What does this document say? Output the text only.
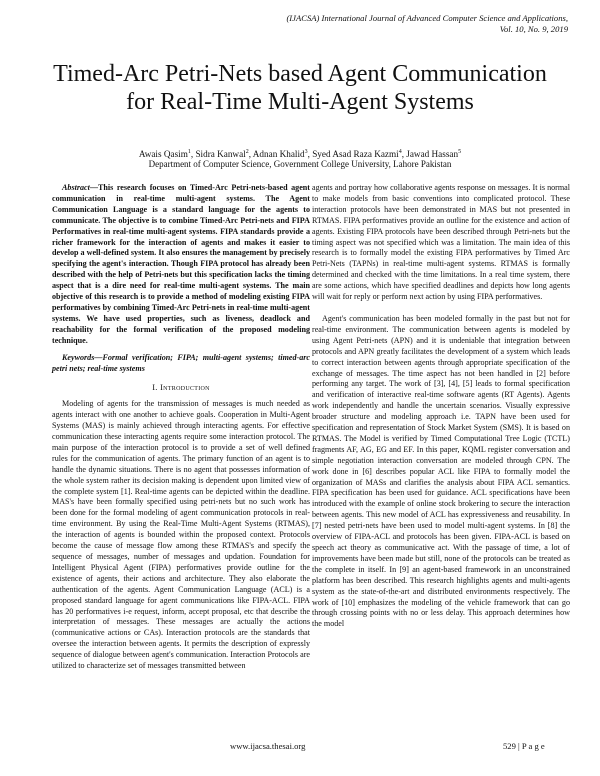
(IJACSA) International Journal of Advanced Computer Science and Applications,
Vol. 10, No. 9, 2019
Timed-Arc Petri-Nets based Agent Communication
for Real-Time Multi-Agent Systems
Awais Qasim$^1$, Sidra Kanwal$^2$, Adnan Khalid$^3$, Syed Asad Raza Kazmi$^4$, Jawad Hassan$^5$
Department of Computer Science, Government College University, Lahore Pakistan

Abstract—This research focuses on Timed-Arc Petri-nets-based agent communication in real-time multi-agent systems. The Agent Communication Language is a standard language for the agents to communicate. The objective is to combine Timed-Arc Petri-nets and FIPA Performatives in real-time multi-agent systems. FIPA standards provide a richer framework for the interaction of agents and makes it easier to develop a well-defined system. It also ensures the management by precisely specifying the agent's interaction. Though FIPA protocol has already been described with the help of Petri-nets but this specification lacks the timing aspect that is a dire need for real-time multi-agent systems. The main objective of this research is to provide a method of modeling existing FIPA performatives by combining Timed-Arc Petri-nets in real-time multi-agent systems. We have used properties, such as liveness, deadlock and reachability for the formal verification of the proposed modeling technique.

Keywords—Formal verification; FIPA; multi-agent systems; timed-arc petri nets; real-time systems

I. Introduction

Modeling of agents for the transmission of messages is much needed as agents interact with one another to achieve goals. Cooperation in Multi-Agent Systems (MAS) is mainly achieved through interacting agents. For effective communication these interacting agents require some interaction protocol. The main purpose of the interaction protocol is to provide a set of well defined rules for the communication of agents. The primary function of an agent is to handle the dynamic situations. There is no agent that possesses information of the whole system rather its decision making is dependent upon limited view of the complete system [1]. Real-time agents can be depicted within the deadline. MAS's have been formally specified using petri-nets but no such work has been done for the formal modeling of agent communication protocols in real-time environment. By using the Real-Time Multi-Agent Systems (RTMAS), the interaction of agents is bounded within the proposed context. Protocols become the cause of message flow among these RTMAS's and specify the sequence of messages, number of messages and updation. Foundation for Intelligent Physical Agent (FIPA) performatives provide outline for the existence of agents, their actions and architecture. They also elaborate the authentication of the agents. Agent Communication Language (ACL) is a proposed standard language for agent communications like FIPA-ACL. FIPA has 20 performatives i-e request, inform, accept proposal, etc that describe the interpretation of messages. These messages are actually the actions (communicative actions or CAs). Interaction protocols are the standards that oversee the interaction between agents. It permits the description of expressly sequence of dialogue between agent's communication. Interaction Protocols are utilized to characterize set of messages transmitted between

agents and portray how collaborative agents response on messages. It is normal to make models from basic conventions into complicated protocol. These interaction protocols have been demonstrated in MAS but not presented in RTMAS. FIPA performatives provide an outline for the existence and action of agents. Existing FIPA protocols have been described through Petri-nets but the timing aspect was not specified which was a limitation. The main idea of this research is to formally model the existing FIPA performatives by Timed Arc Petri-Nets (TAPNs) in real-time multi-agent systems. RTMAS is formally determined and checked with the time limitations. In a real time system, there are some actions, which have specified deadlines and depicts how long agents will wait for reply or perform next action by using FIPA performatives.

Agent's communication has been modeled formally in the past but not for real-time environment. The communication between agents is modeled by using Agent Petri-nets (APN) and it is undeniable that integration between protocols and APN greatly facilitates the development of a system which leads to correct interaction between agents through appropriate specification of the exchange of messages. The time aspect has not been handled in [2] before performing any target. The work of [3], [4], [5] leads to formal specification and verification of interactive real-time software agents (RT Agents). Agents work independently and handle the uncertain scenarios. Visually expressive broader structure and modeling approach i.e. TAPN have been used for specification and representation of Stock Market System (SMS). It is based on RTMAS. The Model is verified by Timed Computational Tree Logic (TCTL) fragments AF, AG, EG and EF. In this paper, KQML register conversation and simple negotiation interaction conversation are modeled through CPN. The work done in [6] describes popular ACL like FIPA to formally model the organization of MASs and clarifies the analysis about FIPA ACL semantics. FIPA specification has been used for guidance. ACL specifications have been introduced with the example of online stock brokering to secure the interaction between agents. This new model of ACL has expressiveness and reusability. In [7] nested petri-nets have been used to model multi-agent systems. In [8] the overview of FIPA-ACL and protocols has been given. FIPA-ACL is based on speech act theory as communicative act. With the passage of time, a lot of improvements have been made but still, none of the protocols can be treated as the complete in itself. In [9] an agent-based framework in an unconstrained platform has been described. This research highlights agents and multi-agents system as the state-of-the-art and distributed environments respectively. The work of [10] emphasizes the modeling of the vehicle framework that can go through crossing points with no or less delay. This approach determines how the model

www.ijacsa.thesai.org	529 | P a g e
